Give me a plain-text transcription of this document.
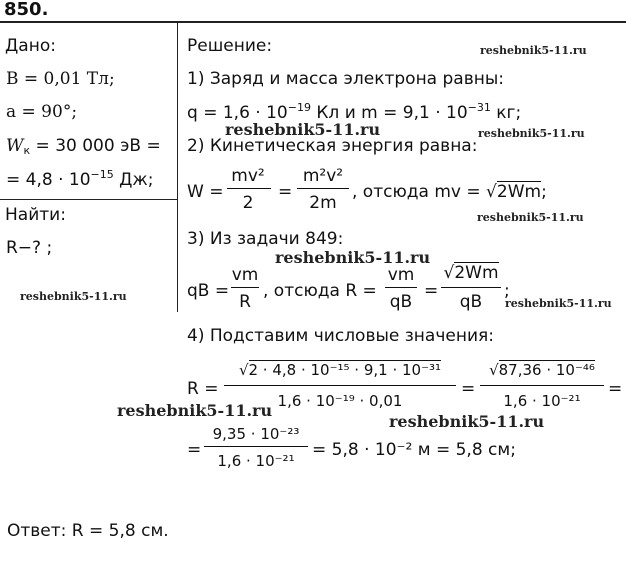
850.
Дано:
B = 0,01 Тл;
a = 90°;
$W_к = 30$ 000 эВ =
= $4,8 \cdot 10^{-15}$ Дж;
Найти:
R−? ;
Решение:
1) Заряд и масса электрона равны:
$q = 1,6 \cdot 10^{-19}$ Кл и $m = 9,1 \cdot 10^{-31}$ кг;
2) Кинетическая энергия равна:
W =
mv²
2
=
m²v²
2m
, отсюда mv = √2Wm;
3) Из задачи 849:
qB =
vm
R
, отсюда R =
vm
qB
=
√2Wm
qB
;
4) Подставим числовые значения:
R =
√2 · 4,8 · 10⁻¹⁵ · 9,1 · 10⁻³¹
1,6 · 10⁻¹⁹ · 0,01
=
√87,36 · 10⁻⁴⁶
1,6 · 10⁻²¹
=
=
9,35 · 10⁻²³
1,6 · 10⁻²¹
= 5,8 · 10⁻² м = 5,8 см;
Ответ: R = 5,8 см.
reshebnik5-11.ru
reshebnik5-11.ru	reshebnik5-11.ru
reshebnik5-11.ru
reshebnik5-11.ru
reshebnik5-11.ru
reshebnik5-11.ru
reshebnik5-11.ru
reshebnik5-11.ru
